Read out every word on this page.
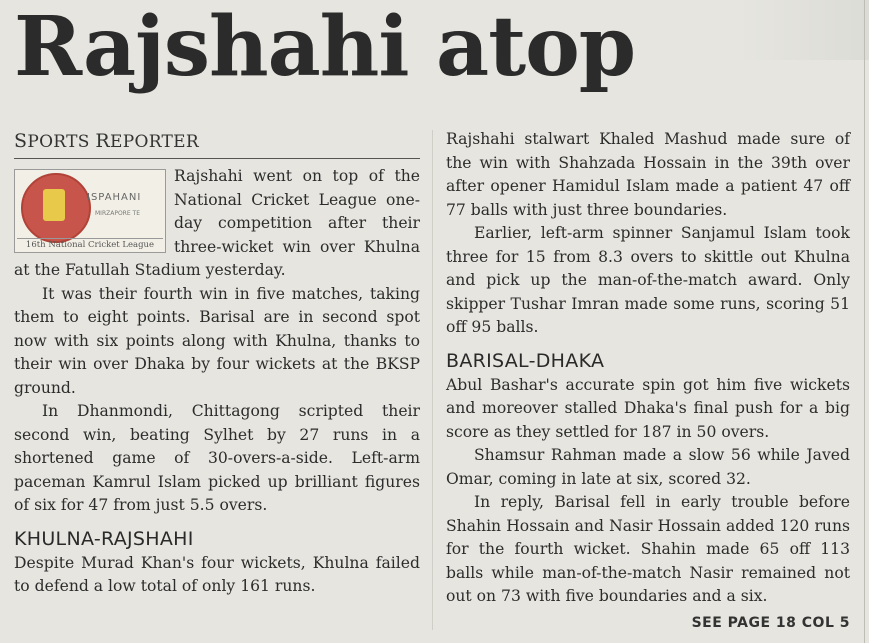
Rajshahi atop
SPORTS REPORTER
ISPAHANI
MIRZAPORE TE
16th National Cricket League

Rajshahi went on top of the National Cricket League one-day competition after their three-wicket win over Khulna at the Fatullah Stadium yesterday.

It was their fourth win in five matches, taking them to eight points. Barisal are in second spot now with six points along with Khulna, thanks to their win over Dhaka by four wickets at the BKSP ground.

In Dhanmondi, Chittagong scripted their second win, beating Sylhet by 27 runs in a shortened game of 30-overs-a-side. Left-arm paceman Kamrul Islam picked up brilliant figures of six for 47 from just 5.5 overs.

KHULNA-RAJSHAHI

Despite Murad Khan's four wickets, Khulna failed to defend a low total of only 161 runs.

Rajshahi stalwart Khaled Mashud made sure of the win with Shahzada Hossain in the 39th over after opener Hamidul Islam made a patient 47 off 77 balls with just three boundaries.

Earlier, left-arm spinner Sanjamul Islam took three for 15 from 8.3 overs to skittle out Khulna and pick up the man-of-the-match award. Only skipper Tushar Imran made some runs, scoring 51 off 95 balls.

BARISAL-DHAKA

Abul Bashar's accurate spin got him five wickets and moreover stalled Dhaka's final push for a big score as they settled for 187 in 50 overs.

Shamsur Rahman made a slow 56 while Javed Omar, coming in late at six, scored 32.

In reply, Barisal fell in early trouble before Shahin Hossain and Nasir Hossain added 120 runs for the fourth wicket. Shahin made 65 off 113 balls while man-of-the-match Nasir remained not out on 73 with five boundaries and a six.

SEE PAGE 18 COL 5
